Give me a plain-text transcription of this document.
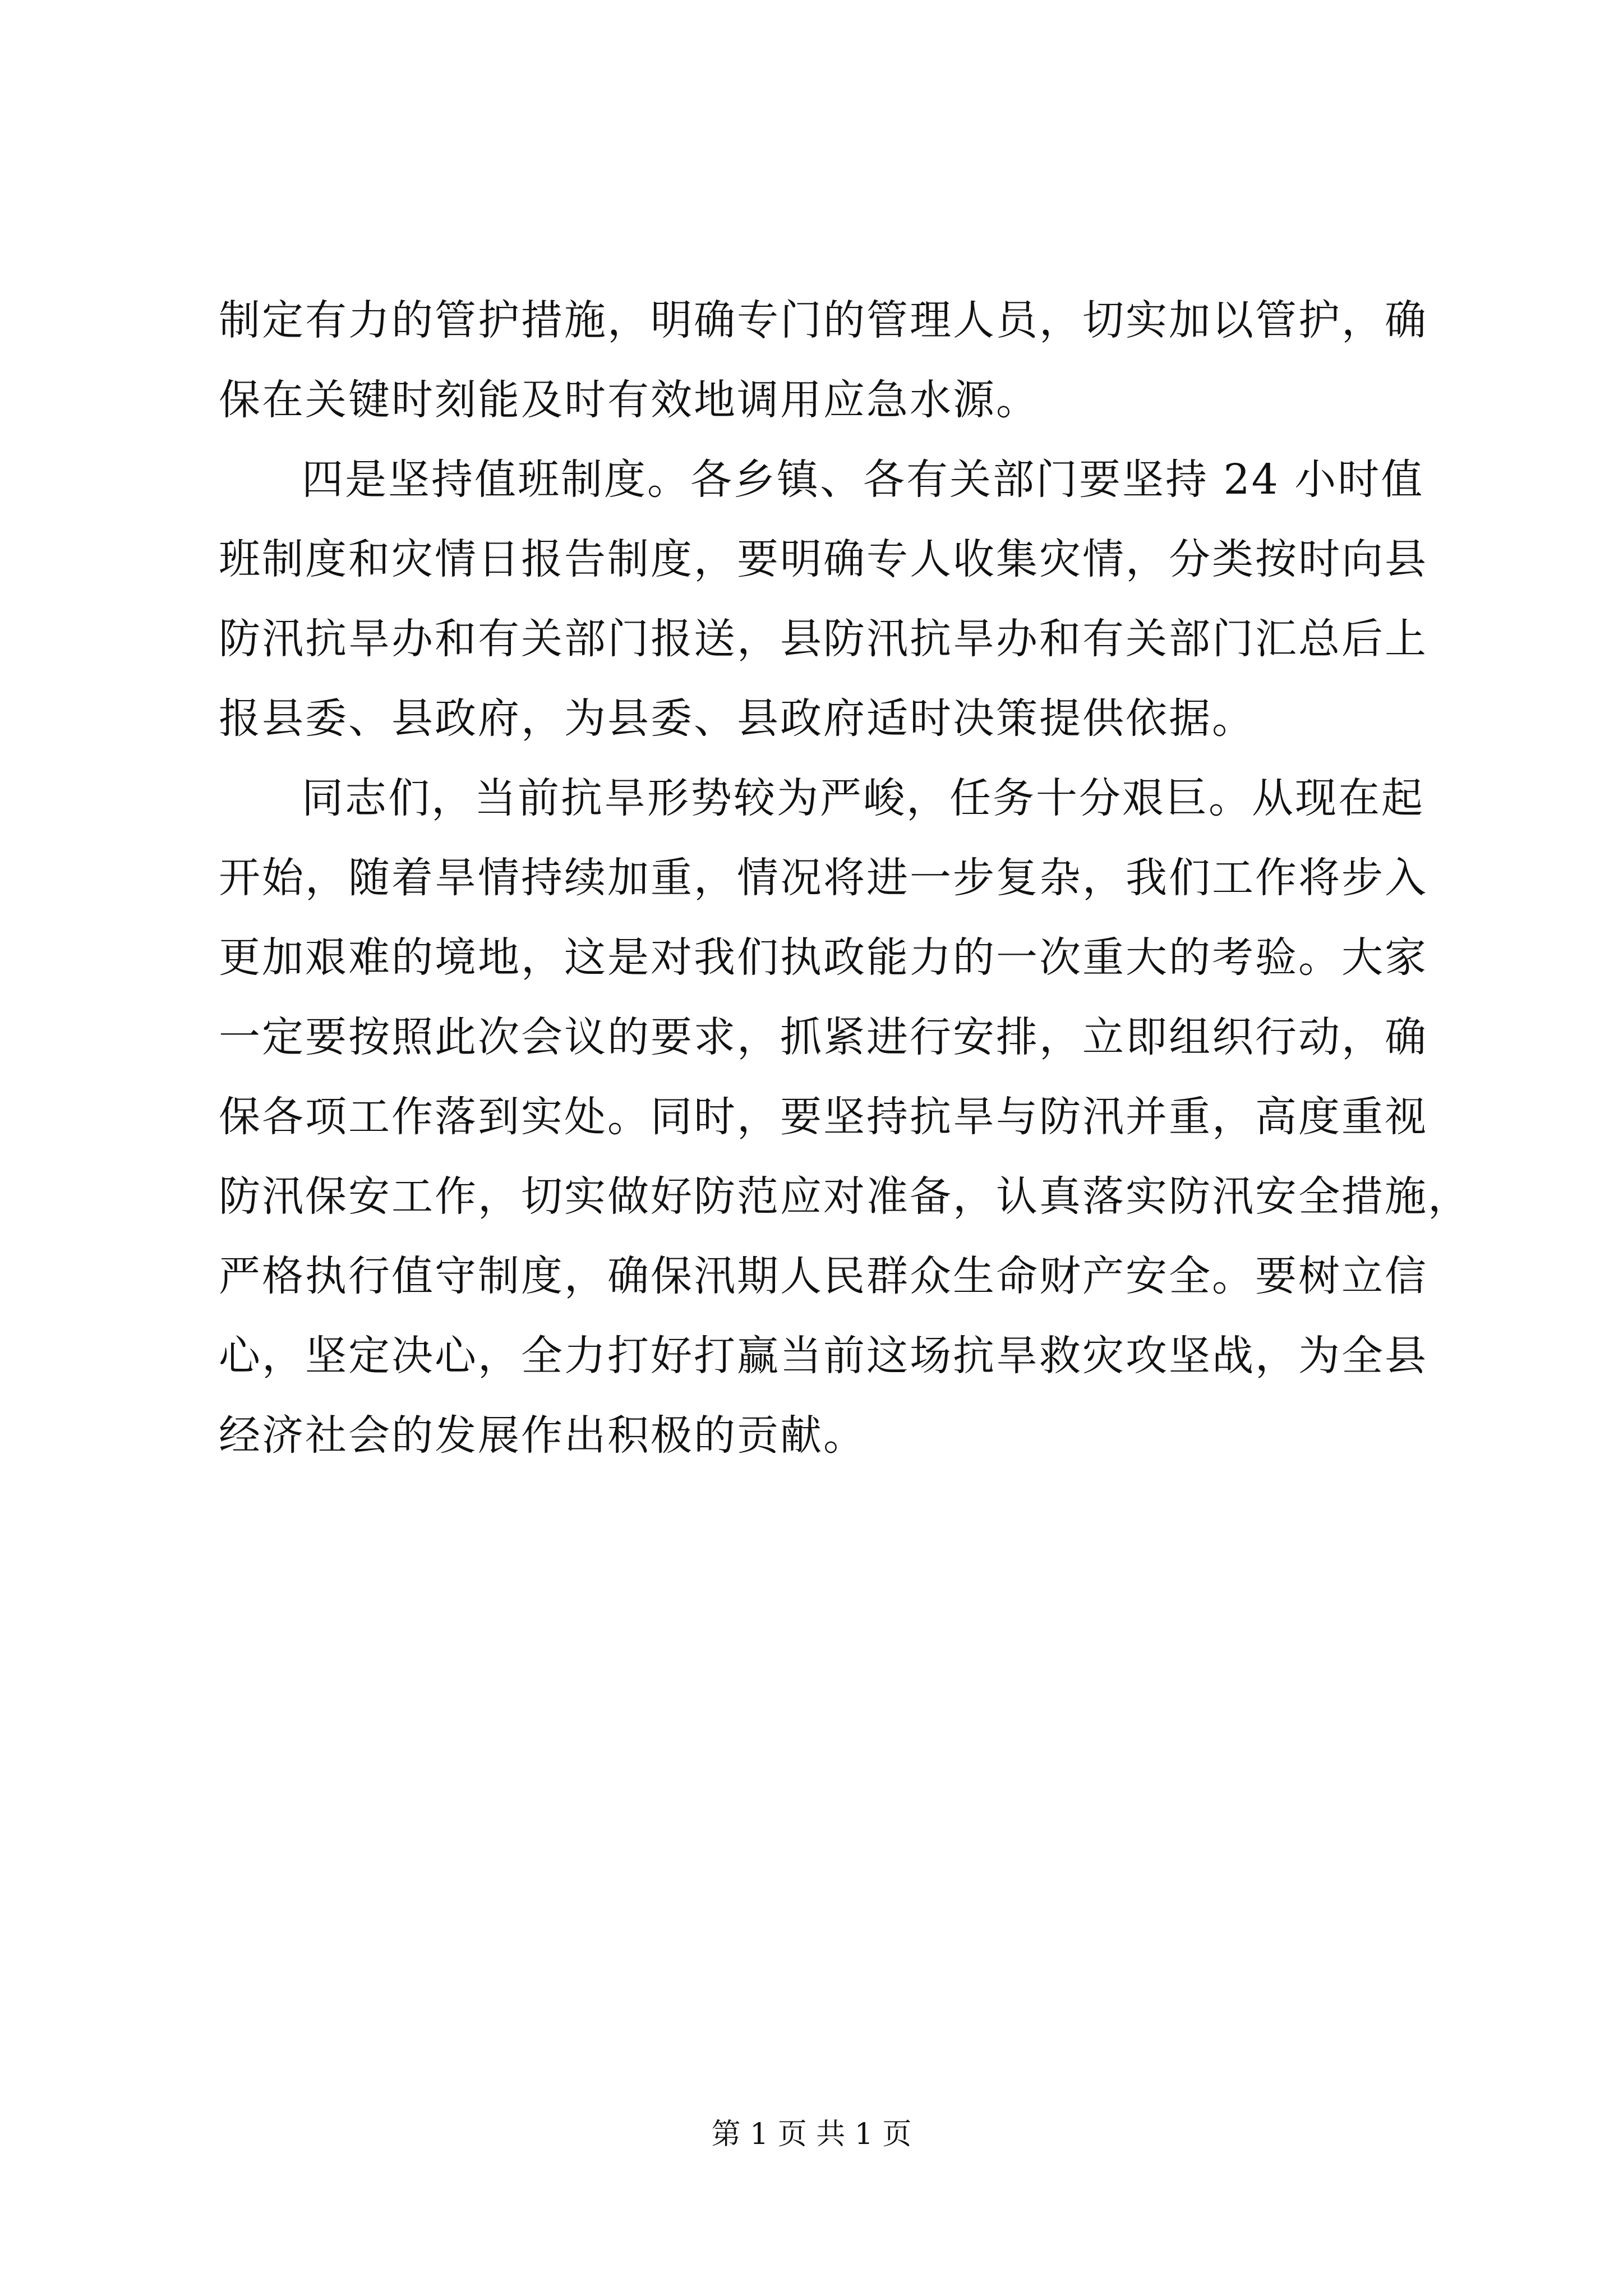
制定有力的管护措施，明确专门的管理人员，切实加以管护，确
保在关键时刻能及时有效地调用应急水源。
四是坚持值班制度。各乡镇、各有关部门要坚持 24 小时值
班制度和灾情日报告制度，要明确专人收集灾情，分类按时向县
防汛抗旱办和有关部门报送，县防汛抗旱办和有关部门汇总后上
报县委、县政府，为县委、县政府适时决策提供依据。
同志们，当前抗旱形势较为严峻，任务十分艰巨。从现在起
开始，随着旱情持续加重，情况将进一步复杂，我们工作将步入
更加艰难的境地，这是对我们执政能力的一次重大的考验。大家
一定要按照此次会议的要求，抓紧进行安排，立即组织行动，确
保各项工作落到实处。同时，要坚持抗旱与防汛并重，高度重视
防汛保安工作，切实做好防范应对准备，认真落实防汛安全措施，
严格执行值守制度，确保汛期人民群众生命财产安全。要树立信
心，坚定决心，全力打好打赢当前这场抗旱救灾攻坚战，为全县
经济社会的发展作出积极的贡献。
第 1 页 共 1 页
